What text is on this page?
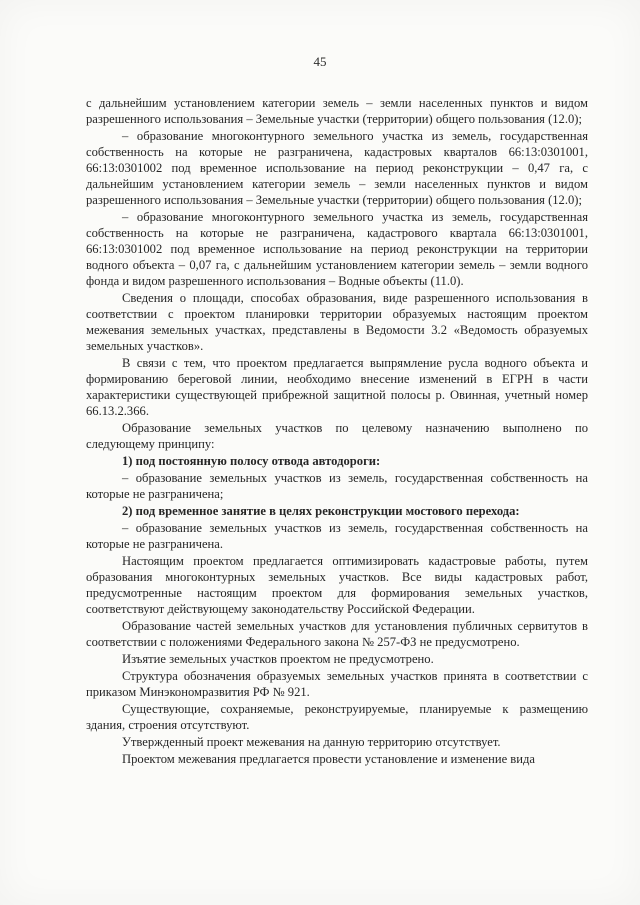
45

с дальнейшим установлением категории земель – земли населенных пунктов и видом разрешенного использования – Земельные участки (территории) общего пользования (12.0);

– образование многоконтурного земельного участка из земель, государственная собственность на которые не разграничена, кадастровых кварталов 66:13:0301001, 66:13:0301002 под временное использование на период реконструкции – 0,47 га, с дальнейшим установлением категории земель – земли населенных пунктов и видом разрешенного использования – Земельные участки (территории) общего пользования (12.0);

– образование многоконтурного земельного участка из земель, государственная собственность на которые не разграничена, кадастрового квартала 66:13:0301001, 66:13:0301002 под временное использование на период реконструкции на территории водного объекта – 0,07 га, с дальнейшим установлением категории земель – земли водного фонда и видом разрешенного использования – Водные объекты (11.0).

Сведения о площади, способах образования, виде разрешенного использования в соответствии с проектом планировки территории образуемых настоящим проектом межевания земельных участках, представлены в Ведомости 3.2 «Ведомость образуемых земельных участков».

В связи с тем, что проектом предлагается выпрямление русла водного объекта и формированию береговой линии, необходимо внесение изменений в ЕГРН в части характеристики существующей прибрежной защитной полосы р. Овинная, учетный номер 66.13.2.366.

Образование земельных участков по целевому назначению выполнено по следующему принципу:

1) под постоянную полосу отвода автодороги:

– образование земельных участков из земель, государственная собственность на которые не разграничена;

2) под временное занятие в целях реконструкции мостового перехода:

– образование земельных участков из земель, государственная собственность на которые не разграничена.

Настоящим проектом предлагается оптимизировать кадастровые работы, путем образования многоконтурных земельных участков. Все виды кадастровых работ, предусмотренные настоящим проектом для формирования земельных участков, соответствуют действующему законодательству Российской Федерации.

Образование частей земельных участков для установления публичных сервитутов в соответствии с положениями Федерального закона № 257-ФЗ не предусмотрено.

Изъятие земельных участков проектом не предусмотрено.

Структура обозначения образуемых земельных участков принята в соответствии с приказом Минэкономразвития РФ № 921.

Существующие, сохраняемые, реконструируемые, планируемые к размещению здания, строения отсутствуют.

Утвержденный проект межевания на данную территорию отсутствует.

Проектом межевания предлагается провести установление и изменение вида
